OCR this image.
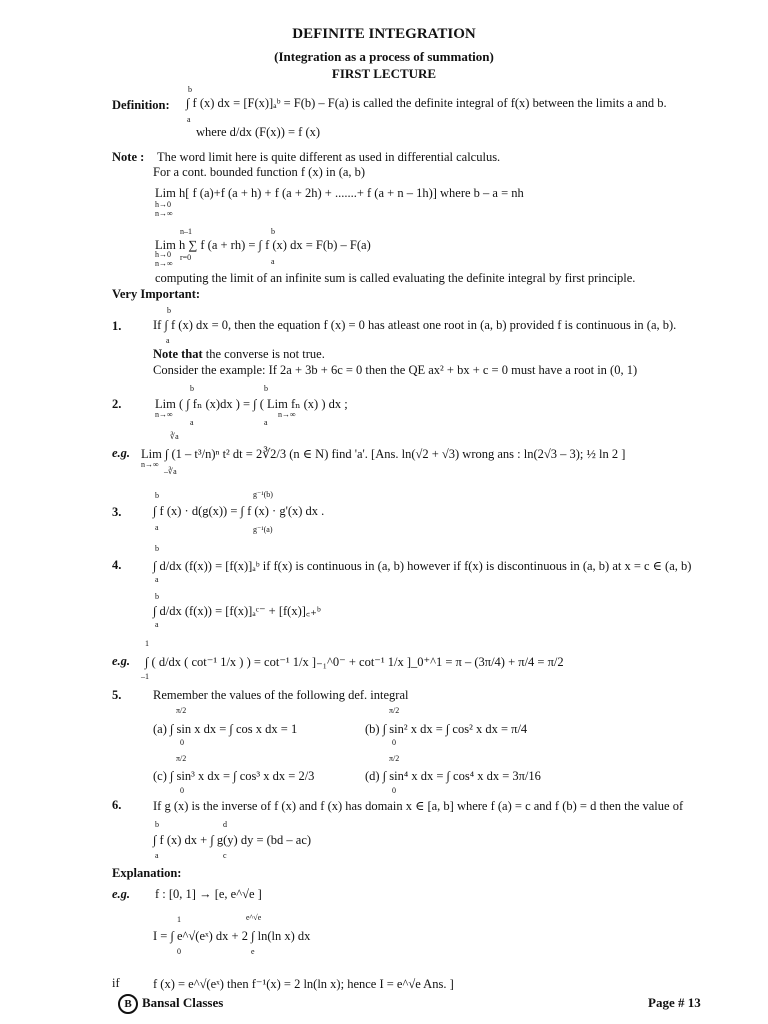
DEFINITE INTEGRATION
(Integration as a process of summation)
FIRST LECTURE
Definition:
b
∫ f (x) dx = [F(x)]ₐᵇ = F(b) – F(a) is called the definite integral of f(x) between the limits a and b.
a
where d/dx (F(x)) = f (x)
Note : The word limit here is quite different as used in differential calculus.
For a cont. bounded function f (x) in (a, b)
Lim h[ f (a)+f (a + h) + f (a + 2h) + .......+ f (a + n – 1h)] where b – a = nh
h→0
n→∞
n–1	b
Lim h ∑ f (a + rh) = ∫ f (x) dx = F(b) – F(a)
h→0
n→∞
r=0	a
computing the limit of an infinite sum is called evaluating the definite integral by first principle.
Very Important:
1.
b
If ∫ f (x) dx = 0, then the equation f (x) = 0 has atleast one root in (a, b) provided f is continuous in (a, b).
a
Note that the converse is not true.
Consider the example: If 2a + 3b + 6c = 0 then the QE ax² + bx + c = 0 must have a root in (0, 1)
2.
b	b
Lim ( ∫ fₙ (x)dx ) = ∫ ( Lim fₙ (x) ) dx ;
n→∞	n→∞
a	a
e.g.
∛a
Lim ∫ (1 – t³/n)ⁿ t² dt = 2∛2/3 (n ∈ N) find 'a'. [Ans. ln(√2 + √3) wrong ans : ln(2√3 – 3); ½ ln 2 ]
n→∞
–∛a
3.
b	g⁻¹(b)
∫ f (x) · d(g(x)) = ∫ f (x) · g'(x) dx .
a	g⁻¹(a)
4.
b
∫ d/dx (f(x)) = [f(x)]ₐᵇ if f(x) is continuous in (a, b) however if f(x) is discontinuous in (a, b) at x = c ∈ (a, b)
a
b
∫ d/dx (f(x)) = [f(x)]ₐᶜ⁻ + [f(x)]꜀₊ᵇ
a
e.g.
1
∫ ( d/dx ( cot⁻¹ 1/x ) ) = cot⁻¹ 1/x ]₋₁^0⁻ + cot⁻¹ 1/x ]_0⁺^1 = π – (3π/4) + π/4 = π/2
–1
5.	Remember the values of the following def. integral
π/2
(a) ∫ sin x dx = ∫ cos x dx = 1
0
π/2
(b) ∫ sin² x dx = ∫ cos² x dx = π/4
0
π/2
(c) ∫ sin³ x dx = ∫ cos³ x dx = 2/3
0
π/2
(d) ∫ sin⁴ x dx = ∫ cos⁴ x dx = 3π/16
0
6.	If g (x) is the inverse of f (x) and f (x) has domain x ∈ [a, b] where f (a) = c and f (b) = d then the value of
b	d
∫ f (x) dx + ∫ g(y) dy = (bd – ac)
a	c
Explanation:
e.g. f : [0, 1] → [e, e^√e ]
1	e^√e
I = ∫ e^√(eˣ) dx + 2 ∫ ln(ln x) dx
0	e
if	f (x) = e^√(eˣ) then f⁻¹(x) = 2 ln(ln x); hence I = e^√e Ans. ]
B Bansal Classes	Page # 13
